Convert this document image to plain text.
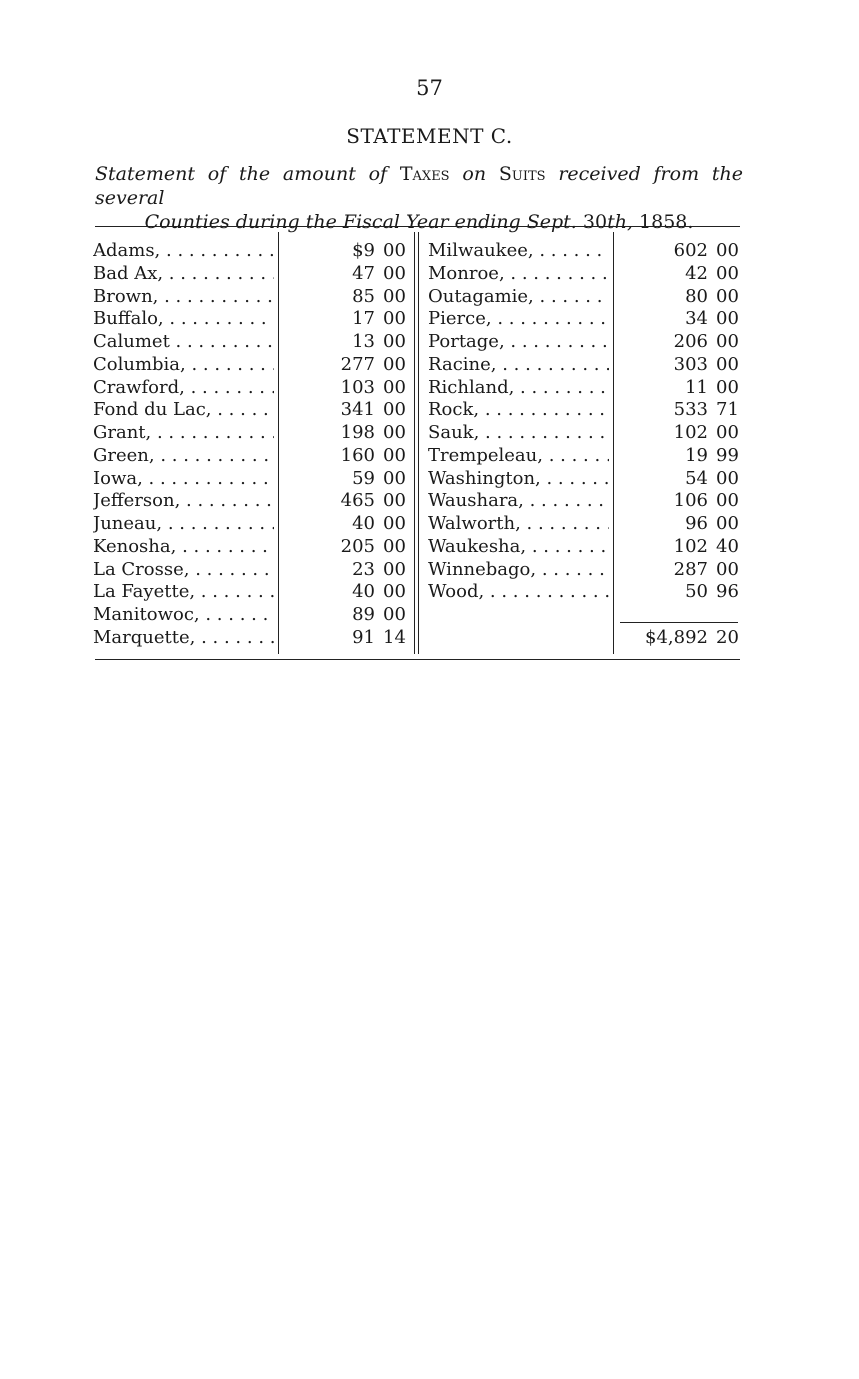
57
STATEMENT C.
Statement of the amount of Taxes on Suits received from the several
Counties during the Fiscal Year ending Sept. 30th, 1858.
Adams, . . .	$9 00
Bad Ax, . . .	47 00
Brown, . . .	85 00
Buffalo, . . .	17 00
Calumet . . .	13 00
Columbia, . . .	277 00
Crawford, . . .	103 00
Fond du Lac, . . .	341 00
Grant, . . .	198 00
Green, . . .	160 00
Iowa, . . .	59 00
Jefferson, . . .	465 00
Juneau, . . .	40 00
Kenosha, . . .	205 00
La Crosse, . . .	23 00
La Fayette, . . .	40 00
Manitowoc, . . .	89 00
Marquette, . . .	91 14
Milwaukee, . . .	602 00
Monroe, . . .	42 00
Outagamie, . . .	80 00
Pierce, . . .	34 00
Portage, . . .	206 00
Racine, . . .	303 00
Richland, . . .	11 00
Rock, . . .	533 71
Sauk, . . .	102 00
Trempeleau, . . .	19 99
Washington, . . .	54 00
Waushara, . . .	106 00
Walworth, . . .	96 00
Waukesha, . . .	102 40
Winnebago, . . .	287 00
Wood, . . .	50 96
$4,892 20
